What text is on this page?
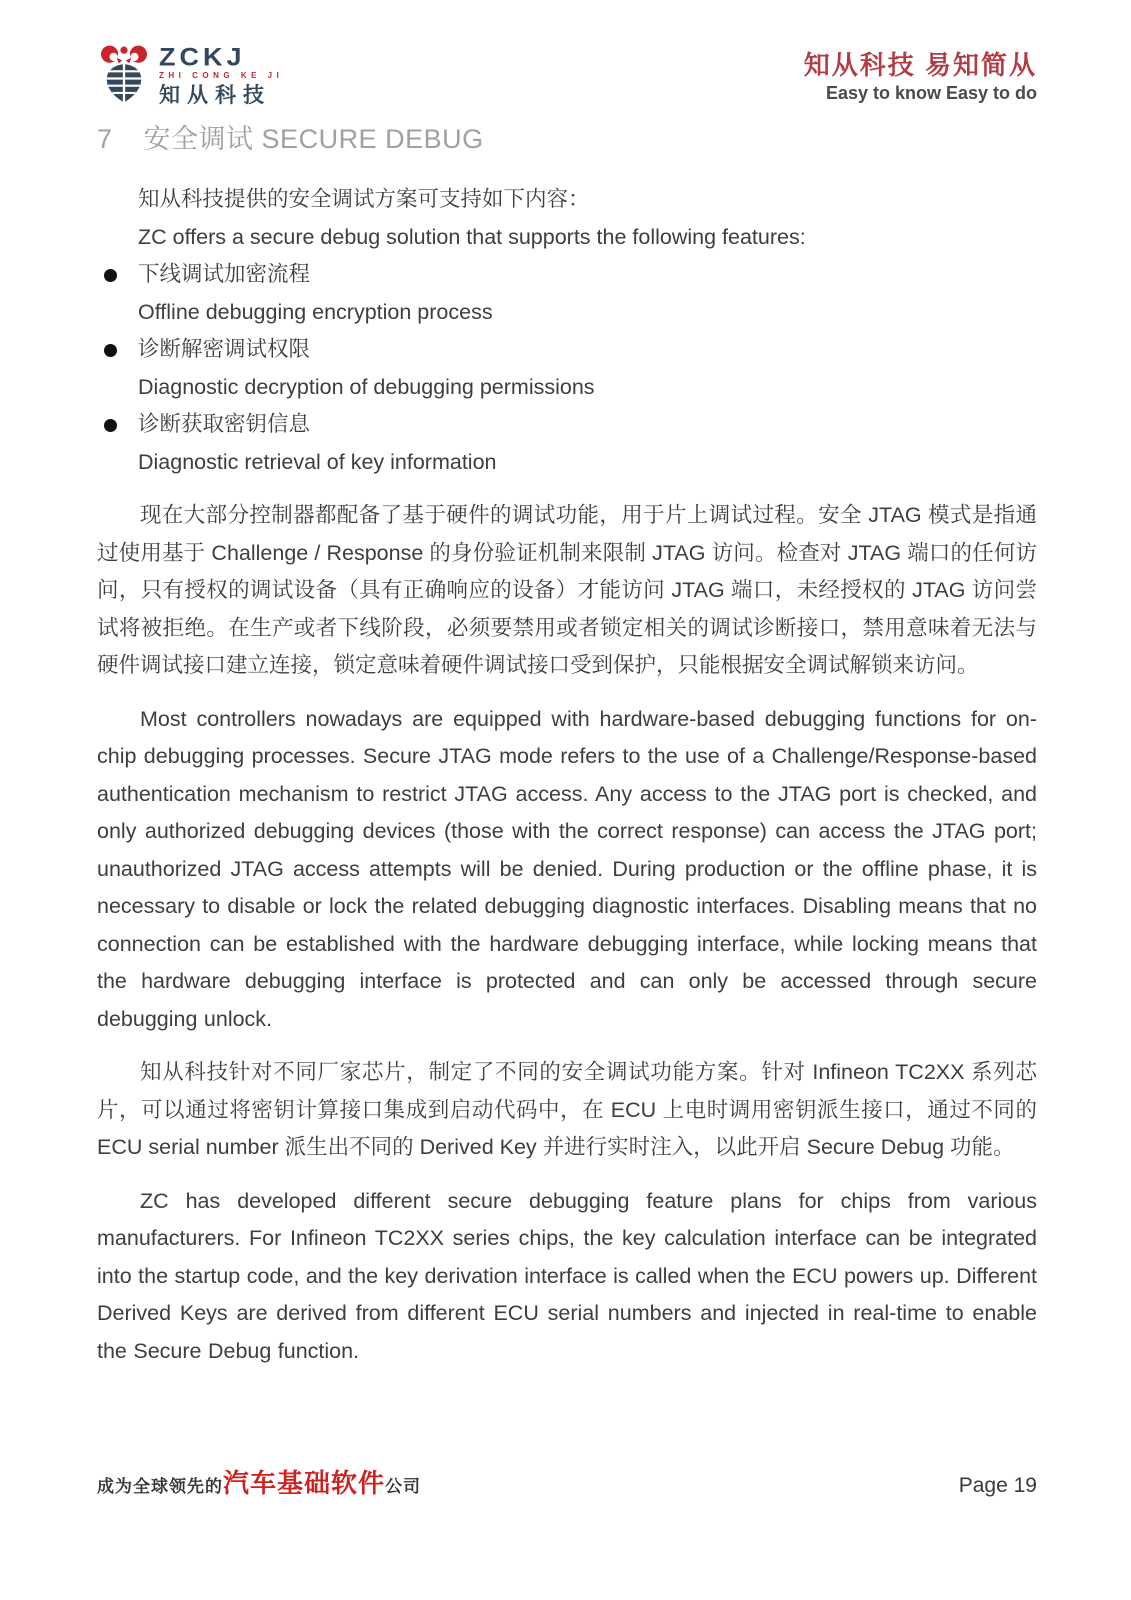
ZCKJ
ZHI CONG KE JI
知从科技
知从科技 易知简从
Easy to know Easy to do
7 安全调试 SECURE DEBUG
知从科技提供的安全调试方案可支持如下内容：
ZC offers a secure debug solution that supports the following features:
下线调试加密流程
Offline debugging encryption process
诊断解密调试权限
Diagnostic decryption of debugging permissions
诊断获取密钥信息
Diagnostic retrieval of key information

现在大部分控制器都配备了基于硬件的调试功能，用于片上调试过程。安全 JTAG 模式是指通过使用基于 Challenge / Response 的身份验证机制来限制 JTAG 访问。检查对 JTAG 端口的任何访问，只有授权的调试设备（具有正确响应的设备）才能访问 JTAG 端口，未经授权的 JTAG 访问尝试将被拒绝。在生产或者下线阶段，必须要禁用或者锁定相关的调试诊断接口，禁用意味着无法与硬件调试接口建立连接，锁定意味着硬件调试接口受到保护，只能根据安全调试解锁来访问。

Most controllers nowadays are equipped with hardware-based debugging functions for on-chip debugging processes. Secure JTAG mode refers to the use of a Challenge/Response-based authentication mechanism to restrict JTAG access. Any access to the JTAG port is checked, and only authorized debugging devices (those with the correct response) can access the JTAG port; unauthorized JTAG access attempts will be denied. During production or the offline phase, it is necessary to disable or lock the related debugging diagnostic interfaces. Disabling means that no connection can be established with the hardware debugging interface, while locking means that the hardware debugging interface is protected and can only be accessed through secure debugging unlock.

知从科技针对不同厂家芯片，制定了不同的安全调试功能方案。针对 Infineon TC2XX 系列芯片，可以通过将密钥计算接口集成到启动代码中，在 ECU 上电时调用密钥派生接口，通过不同的 ECU serial number 派生出不同的 Derived Key 并进行实时注入，以此开启 Secure Debug 功能。

ZC has developed different secure debugging feature plans for chips from various manufacturers. For Infineon TC2XX series chips, the key calculation interface can be integrated into the startup code, and the key derivation interface is called when the ECU powers up. Different Derived Keys are derived from different ECU serial numbers and injected in real-time to enable the Secure Debug function.

成为全球领先的汽车基础软件公司	Page 19
